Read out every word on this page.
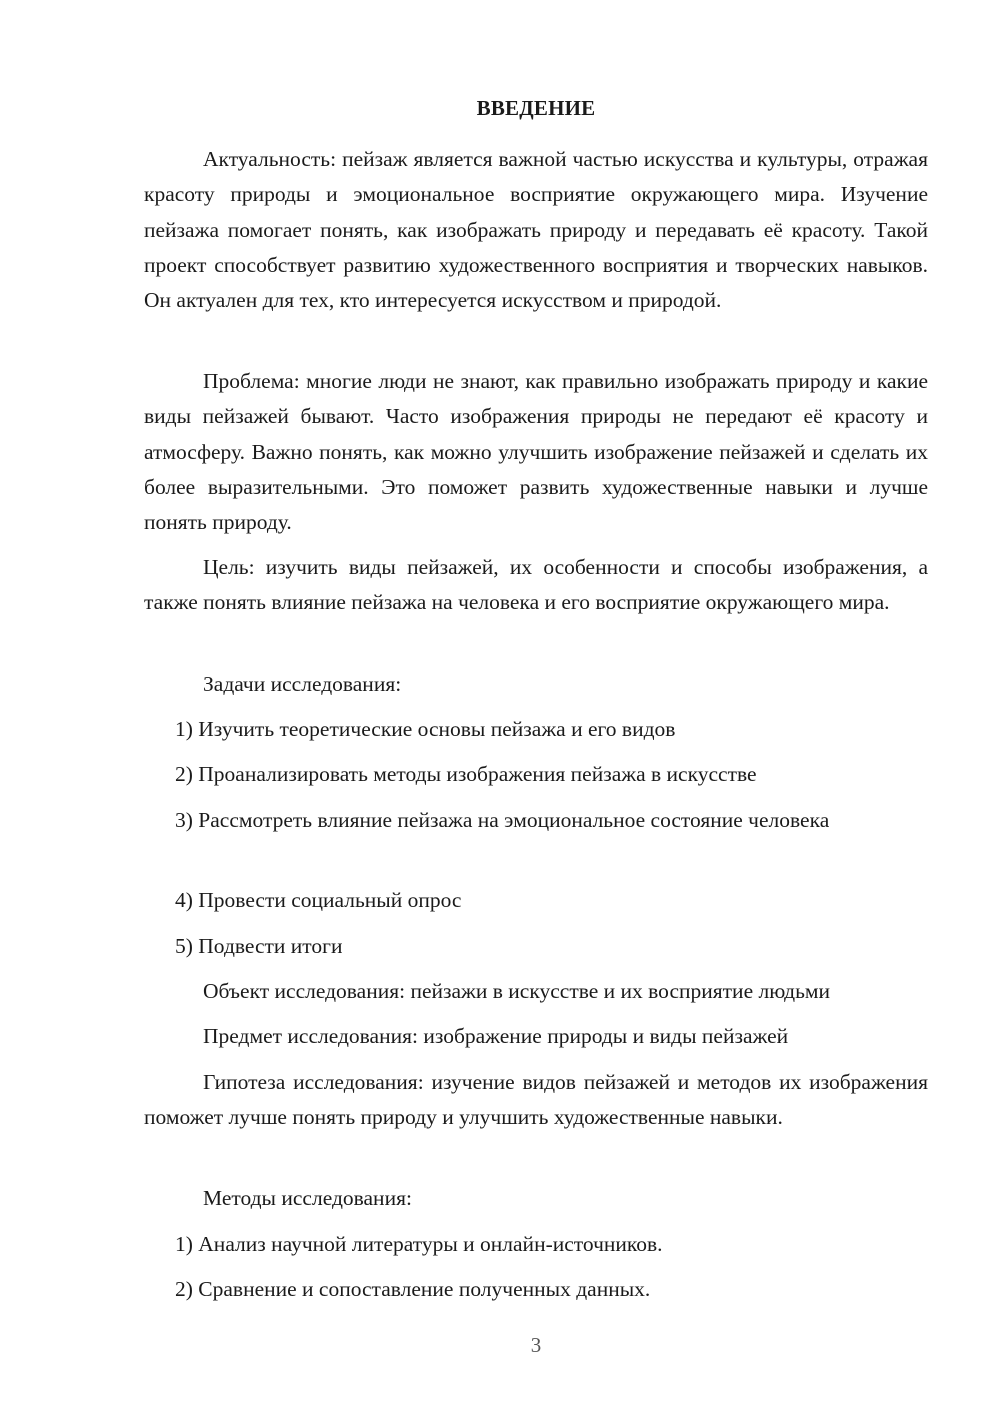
ВВЕДЕНИЕ

Актуальность: пейзаж является важной частью искусства и культуры, отражая красоту природы и эмоциональное восприятие окружающего мира. Изучение пейзажа помогает понять, как изображать природу и передавать её красоту. Такой проект способствует развитию художественного восприятия и творческих навыков. Он актуален для тех, кто интересуется искусством и природой.

Проблема: многие люди не знают, как правильно изображать природу и какие виды пейзажей бывают. Часто изображения природы не передают её красоту и атмосферу. Важно понять, как можно улучшить изображение пейзажей и сделать их более выразительными. Это поможет развить художественные навыки и лучше понять природу.

Цель: изучить виды пейзажей, их особенности и способы изображения, а также понять влияние пейзажа на человека и его восприятие окружающего мира.

Задачи исследования:

1) Изучить теоретические основы пейзажа и его видов

2) Проанализировать методы изображения пейзажа в искусстве

3) Рассмотреть влияние пейзажа на эмоциональное состояние человека

4) Провести социальный опрос

5) Подвести итоги

Объект исследования: пейзажи в искусстве и их восприятие людьми

Предмет исследования: изображение природы и виды пейзажей

Гипотеза исследования: изучение видов пейзажей и методов их изображения поможет лучше понять природу и улучшить художественные навыки.

Методы исследования:

1) Анализ научной литературы и онлайн-источников.

2) Сравнение и сопоставление полученных данных.

3
